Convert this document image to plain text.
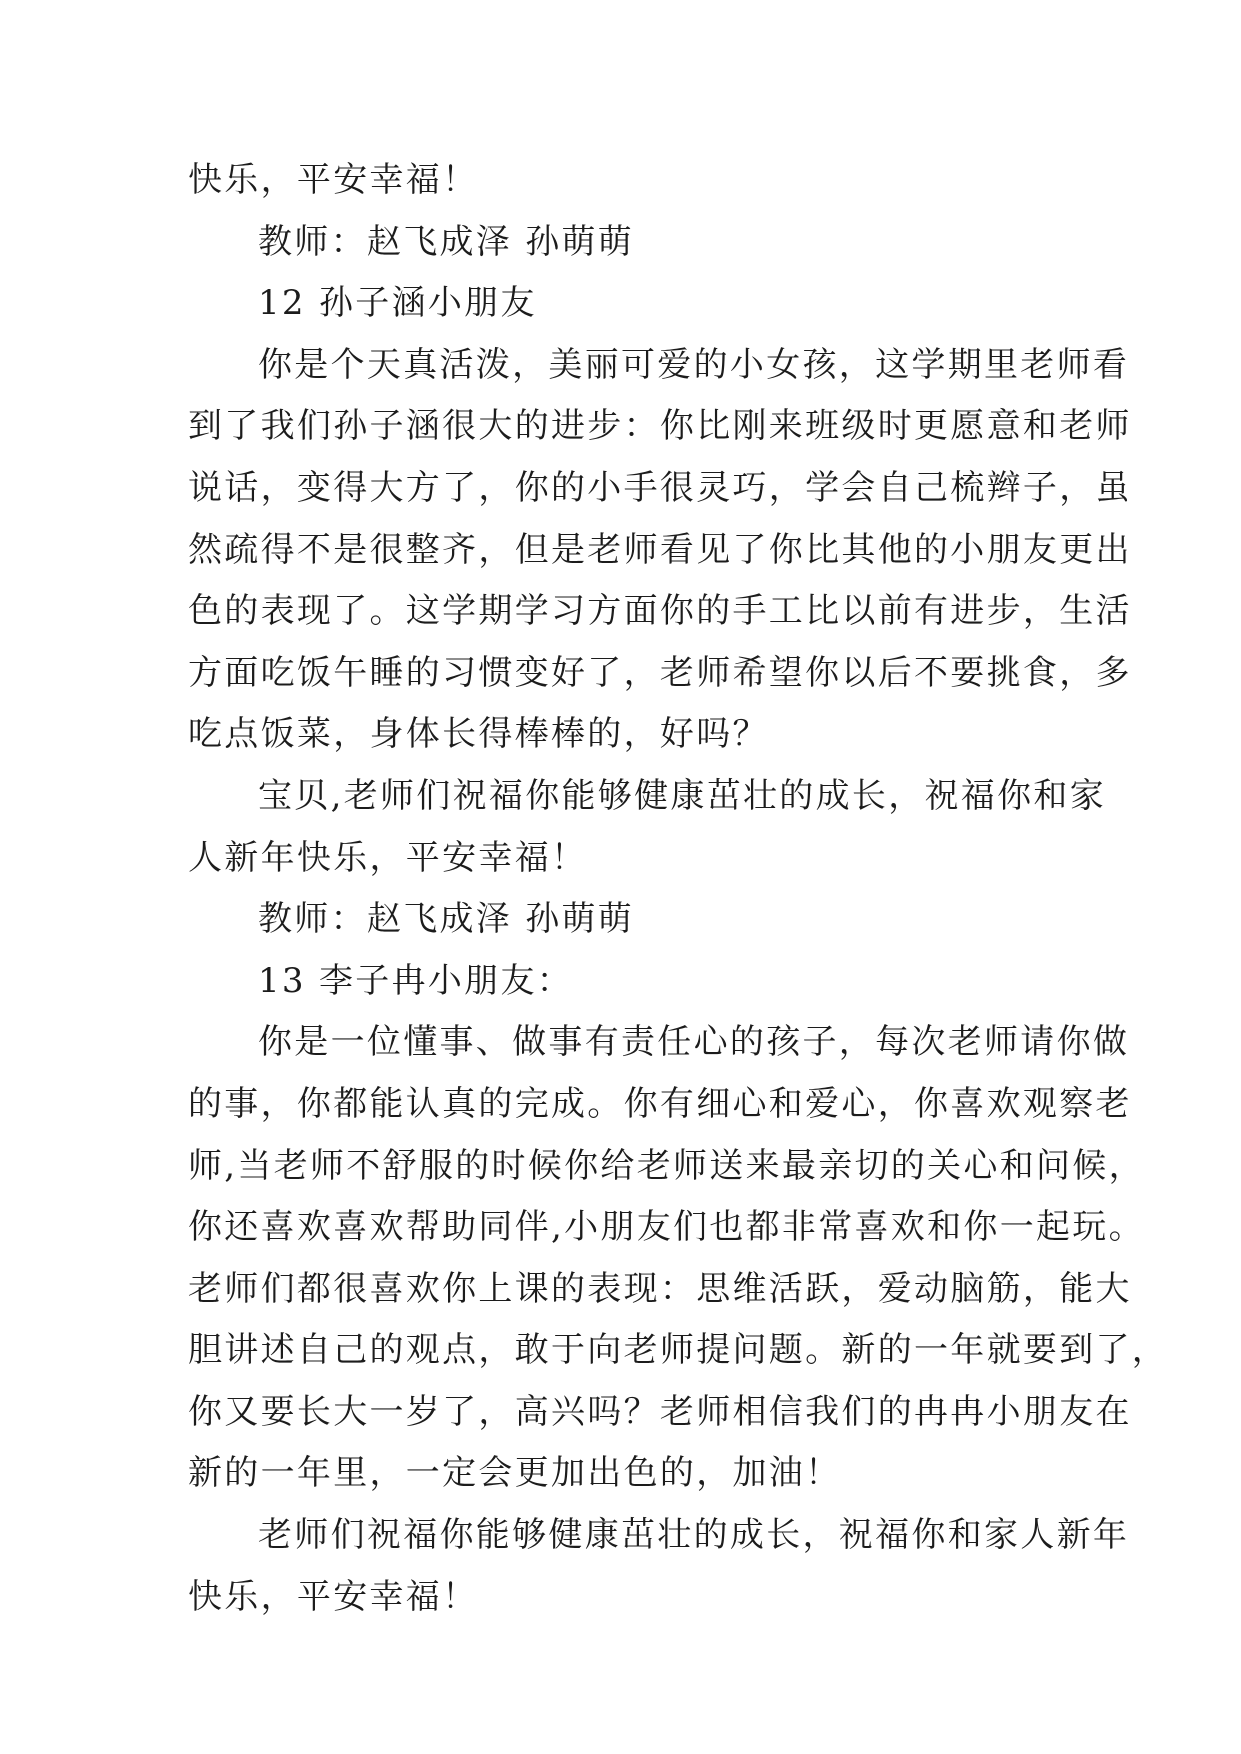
快乐，平安幸福！
教师：赵飞成泽 孙萌萌
12 孙子涵小朋友
你是个天真活泼，美丽可爱的小女孩，这学期里老师看
到了我们孙子涵很大的进步：你比刚来班级时更愿意和老师
说话，变得大方了，你的小手很灵巧，学会自己梳辫子，虽
然疏得不是很整齐，但是老师看见了你比其他的小朋友更出
色的表现了。这学期学习方面你的手工比以前有进步，生活
方面吃饭午睡的习惯变好了，老师希望你以后不要挑食，多
吃点饭菜，身体长得棒棒的，好吗？
宝贝,老师们祝福你能够健康茁壮的成长，祝福你和家
人新年快乐，平安幸福！
教师：赵飞成泽 孙萌萌
13 李子冉小朋友：
你是一位懂事、做事有责任心的孩子，每次老师请你做
的事，你都能认真的完成。你有细心和爱心，你喜欢观察老
师,当老师不舒服的时候你给老师送来最亲切的关心和问候，
你还喜欢喜欢帮助同伴,小朋友们也都非常喜欢和你一起玩。
老师们都很喜欢你上课的表现：思维活跃，爱动脑筋，能大
胆讲述自己的观点，敢于向老师提问题。新的一年就要到了，
你又要长大一岁了，高兴吗？老师相信我们的冉冉小朋友在
新的一年里，一定会更加出色的，加油！
老师们祝福你能够健康茁壮的成长，祝福你和家人新年
快乐，平安幸福！
